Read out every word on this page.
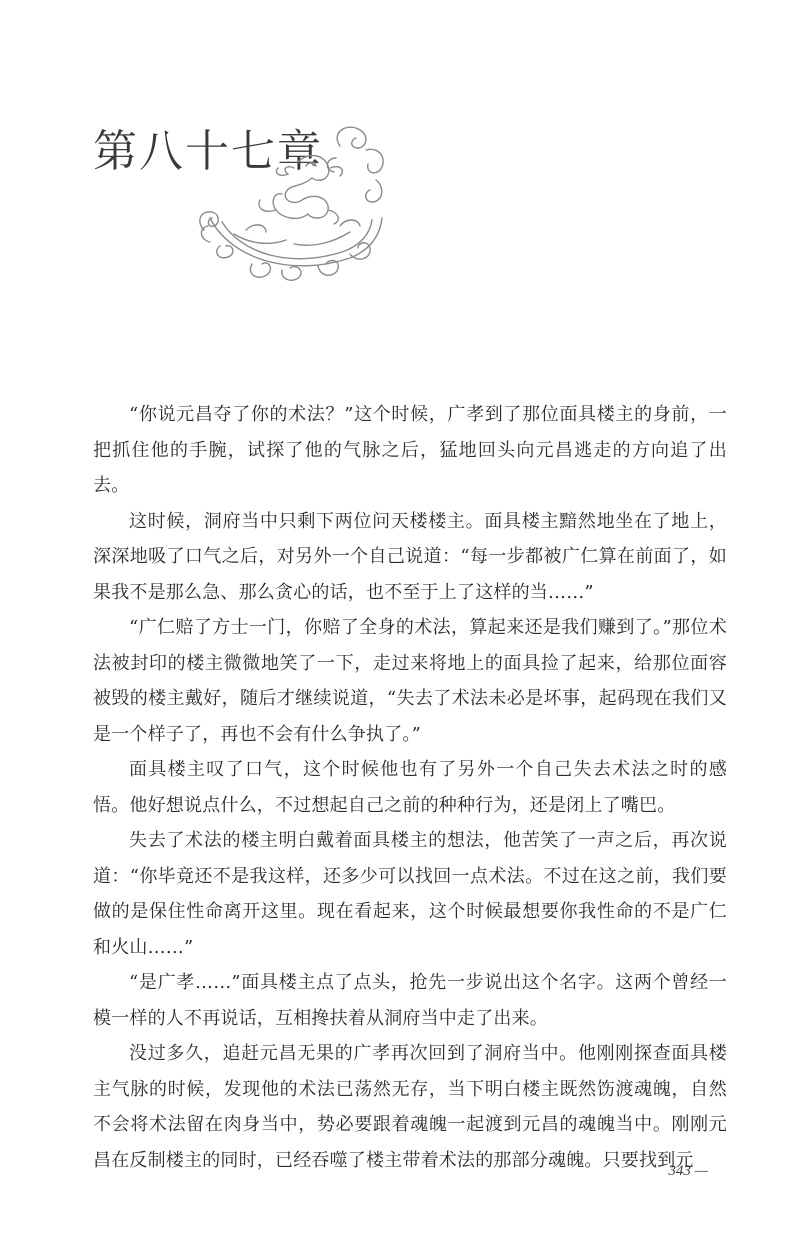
第八十七章

“你说元昌夺了你的术法？”这个时候，广孝到了那位面具楼主的身前，一把抓住他的手腕，试探了他的气脉之后，猛地回头向元昌逃走的方向追了出去。

这时候，洞府当中只剩下两位问天楼楼主。面具楼主黯然地坐在了地上，深深地吸了口气之后，对另外一个自己说道：“每一步都被广仁算在前面了，如果我不是那么急、那么贪心的话，也不至于上了这样的当……”

“广仁赔了方士一门，你赔了全身的术法，算起来还是我们赚到了。”那位术法被封印的楼主微微地笑了一下，走过来将地上的面具捡了起来，给那位面容被毁的楼主戴好，随后才继续说道，“失去了术法未必是坏事，起码现在我们又是一个样子了，再也不会有什么争执了。”

面具楼主叹了口气，这个时候他也有了另外一个自己失去术法之时的感悟。他好想说点什么，不过想起自己之前的种种行为，还是闭上了嘴巴。

失去了术法的楼主明白戴着面具楼主的想法，他苦笑了一声之后，再次说道：“你毕竟还不是我这样，还多少可以找回一点术法。不过在这之前，我们要做的是保住性命离开这里。现在看起来，这个时候最想要你我性命的不是广仁和火山……”

“是广孝……”面具楼主点了点头，抢先一步说出这个名字。这两个曾经一模一样的人不再说话，互相搀扶着从洞府当中走了出来。

没过多久，追赶元昌无果的广孝再次回到了洞府当中。他刚刚探查面具楼主气脉的时候，发现他的术法已荡然无存，当下明白楼主既然饬渡魂魄，自然不会将术法留在肉身当中，势必要跟着魂魄一起渡到元昌的魂魄当中。刚刚元昌在反制楼主的同时，已经吞噬了楼主带着术法的那部分魂魄。只要找到元

343 —
